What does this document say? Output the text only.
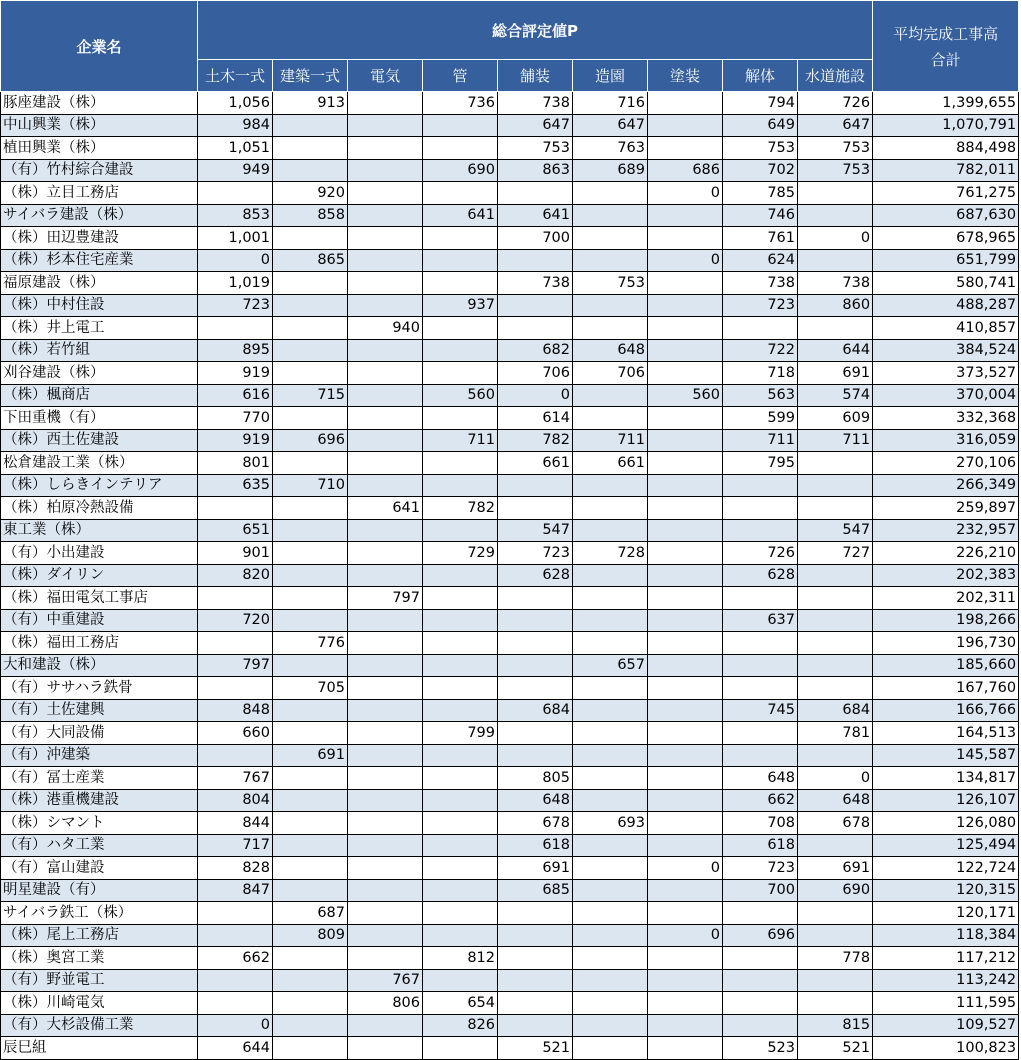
企業名	総合評定値P									平均完成工事高
合計

	土木一式	建築一式	電気	管	舗装	造園	塗装	解体	水道施設	
豚座建設（株）	1,056	913		736	738	716		794	726	1,399,655
中山興業（株）	984				647	647		649	647	1,070,791
植田興業（株）	1,051				753	763		753	753	884,498
（有）竹村綜合建設	949			690	863	689	686	702	753	782,011
（株）立目工務店		920					0	785		761,275
サイバラ建設（株）	853	858		641	641			746		687,630
（株）田辺豊建設	1,001				700			761	0	678,965
（株）杉本住宅産業	0	865					0	624		651,799
福原建設（株）	1,019				738	753		738	738	580,741
（株）中村住設	723			937				723	860	488,287
（株）井上電工			940							410,857
（株）若竹組	895				682	648		722	644	384,524
刈谷建設（株）	919				706	706		718	691	373,527
（株）楓商店	616	715		560	0		560	563	574	370,004
下田重機（有）	770				614			599	609	332,368
（株）西土佐建設	919	696		711	782	711		711	711	316,059
松倉建設工業（株）	801				661	661		795		270,106
（株）しらきインテリア	635	710								266,349
（株）柏原冷熱設備			641	782						259,897
東工業（株）	651				547				547	232,957
（有）小出建設	901			729	723	728		726	727	226,210
（株）ダイリン	820				628			628		202,383
（株）福田電気工事店			797							202,311
（有）中重建設	720							637		198,266
（株）福田工務店		776								196,730
大和建設（株）	797					657				185,660
（有）ササハラ鉄骨		705								167,760
（有）土佐建興	848				684			745	684	166,766
（有）大同設備	660			799					781	164,513
（有）沖建築		691								145,587
（有）冨士産業	767				805			648	0	134,817
（株）港重機建設	804				648			662	648	126,107
（株）シマント	844				678	693		708	678	126,080
（有）ハタ工業	717				618			618		125,494
（有）富山建設	828				691		0	723	691	122,724
明星建設（有）	847				685			700	690	120,315
サイバラ鉄工（株）		687								120,171
（株）尾上工務店		809					0	696		118,384
（株）奥宮工業	662			812					778	117,212
（有）野並電工			767							113,242
（株）川崎電気			806	654						111,595
（有）大杉設備工業	0			826					815	109,527
辰巳組	644				521			523	521	100,823
